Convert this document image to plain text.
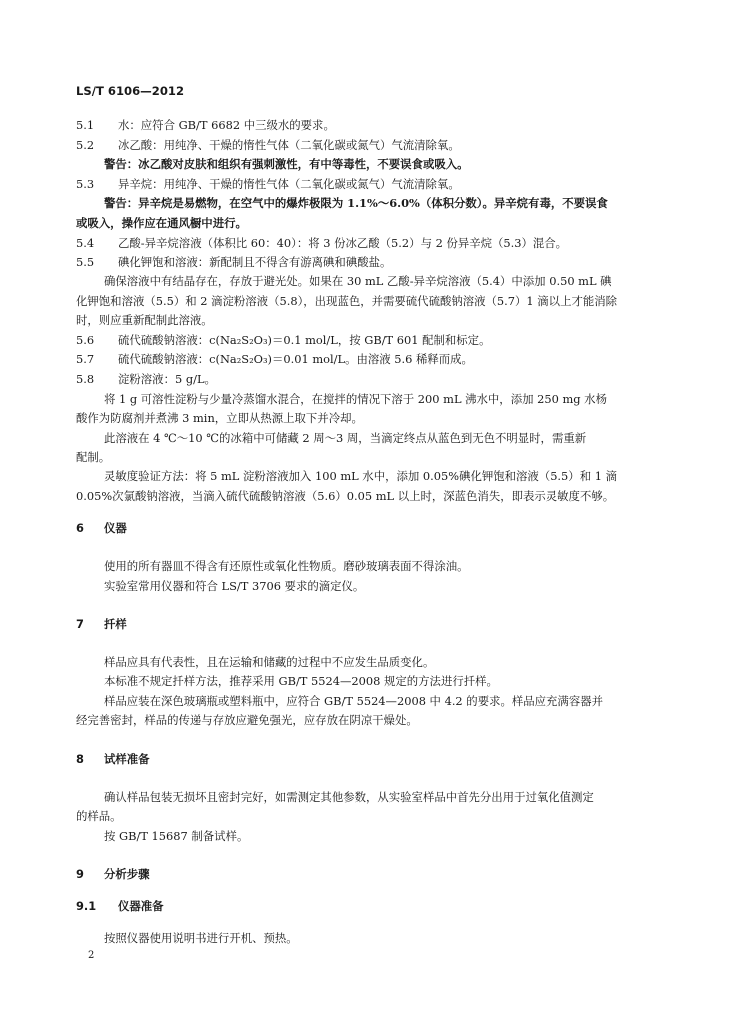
LS/T 6106—2012
5.1 水：应符合 GB/T 6682 中三级水的要求。
5.2 冰乙酸：用纯净、干燥的惰性气体（二氧化碳或氮气）气流清除氧。
警告：冰乙酸对皮肤和组织有强刺激性，有中等毒性，不要误食或吸入。
5.3 异辛烷：用纯净、干燥的惰性气体（二氧化碳或氮气）气流清除氧。
警告：异辛烷是易燃物，在空气中的爆炸极限为 1.1%～6.0%（体积分数）。异辛烷有毒，不要误食
或吸入，操作应在通风橱中进行。
5.4 乙酸-异辛烷溶液（体积比 60：40）：将 3 份冰乙酸（5.2）与 2 份异辛烷（5.3）混合。
5.5 碘化钾饱和溶液：新配制且不得含有游离碘和碘酸盐。
确保溶液中有结晶存在，存放于避光处。如果在 30 mL 乙酸-异辛烷溶液（5.4）中添加 0.50 mL 碘
化钾饱和溶液（5.5）和 2 滴淀粉溶液（5.8），出现蓝色，并需要硫代硫酸钠溶液（5.7）1 滴以上才能消除
时，则应重新配制此溶液。
5.6 硫代硫酸钠溶液：c(Na₂S₂O₃)＝0.1 mol/L，按 GB/T 601 配制和标定。
5.7 硫代硫酸钠溶液：c(Na₂S₂O₃)＝0.01 mol/L。由溶液 5.6 稀释而成。
5.8 淀粉溶液：5 g/L。
将 1 g 可溶性淀粉与少量冷蒸馏水混合，在搅拌的情况下溶于 200 mL 沸水中，添加 250 mg 水杨
酸作为防腐剂并煮沸 3 min，立即从热源上取下并冷却。
此溶液在 4 ℃～10 ℃的冰箱中可储藏 2 周～3 周，当滴定终点从蓝色到无色不明显时，需重新
配制。
灵敏度验证方法：将 5 mL 淀粉溶液加入 100 mL 水中，添加 0.05%碘化钾饱和溶液（5.5）和 1 滴
0.05%次氯酸钠溶液，当滴入硫代硫酸钠溶液（5.6）0.05 mL 以上时，深蓝色消失，即表示灵敏度不够。
6 仪器
使用的所有器皿不得含有还原性或氧化性物质。磨砂玻璃表面不得涂油。
实验室常用仪器和符合 LS/T 3706 要求的滴定仪。
7 扦样
样品应具有代表性，且在运输和储藏的过程中不应发生品质变化。
本标准不规定扦样方法，推荐采用 GB/T 5524—2008 规定的方法进行扦样。
样品应装在深色玻璃瓶或塑料瓶中，应符合 GB/T 5524—2008 中 4.2 的要求。样品应充满容器并
经完善密封，样品的传递与存放应避免强光，应存放在阴凉干燥处。
8 试样准备
确认样品包装无损坏且密封完好，如需测定其他参数，从实验室样品中首先分出用于过氧化值测定
的样品。
按 GB/T 15687 制备试样。
9 分析步骤
9.1 仪器准备
按照仪器使用说明书进行开机、预热。
2
